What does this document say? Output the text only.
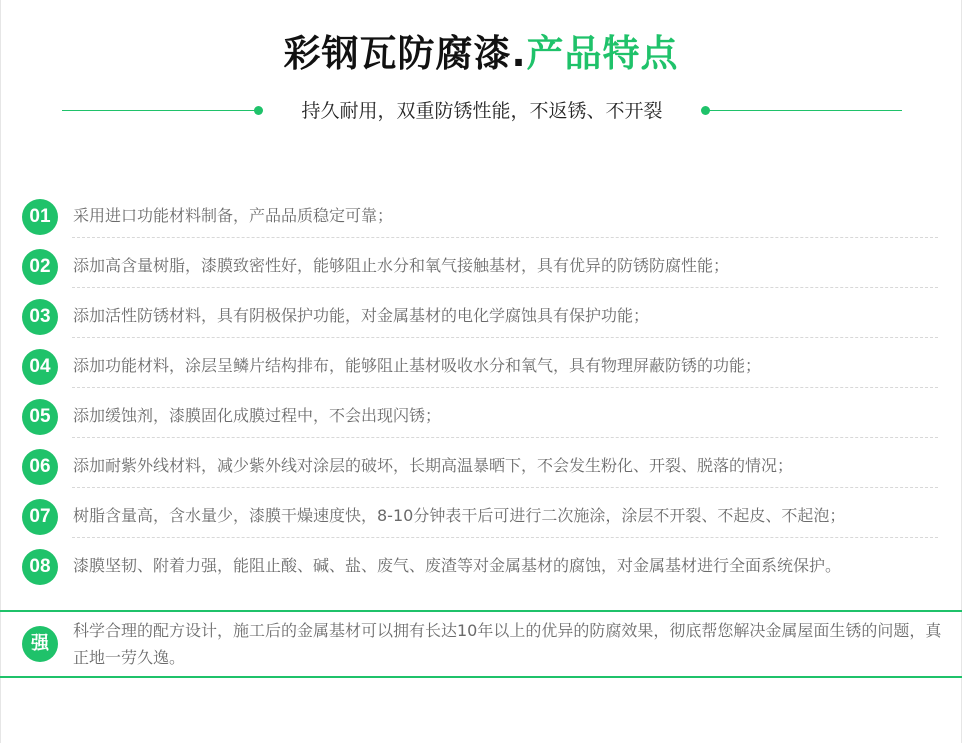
彩钢瓦防腐漆.产品特点
持久耐用，双重防锈性能，不返锈、不开裂
01	采用进口功能材料制备，产品品质稳定可靠；
02	添加高含量树脂，漆膜致密性好，能够阻止水分和氧气接触基材，具有优异的防锈防腐性能；
03	添加活性防锈材料，具有阴极保护功能，对金属基材的电化学腐蚀具有保护功能；
04	添加功能材料，涂层呈鳞片结构排布，能够阻止基材吸收水分和氧气，具有物理屏蔽防锈的功能；
05	添加缓蚀剂，漆膜固化成膜过程中，不会出现闪锈；
06	添加耐紫外线材料，减少紫外线对涂层的破坏，长期高温暴晒下，不会发生粉化、开裂、脱落的情况；
07	树脂含量高，含水量少，漆膜干燥速度快，8-10分钟表干后可进行二次施涂，涂层不开裂、不起皮、不起泡；
08	漆膜坚韧、附着力强，能阻止酸、碱、盐、废气、废渣等对金属基材的腐蚀，对金属基材进行全面系统保护。
强
科学合理的配方设计，施工后的金属基材可以拥有长达10年以上的优异的防腐效果，彻底帮您解决金属屋面生锈的问题，真正地一劳久逸。
